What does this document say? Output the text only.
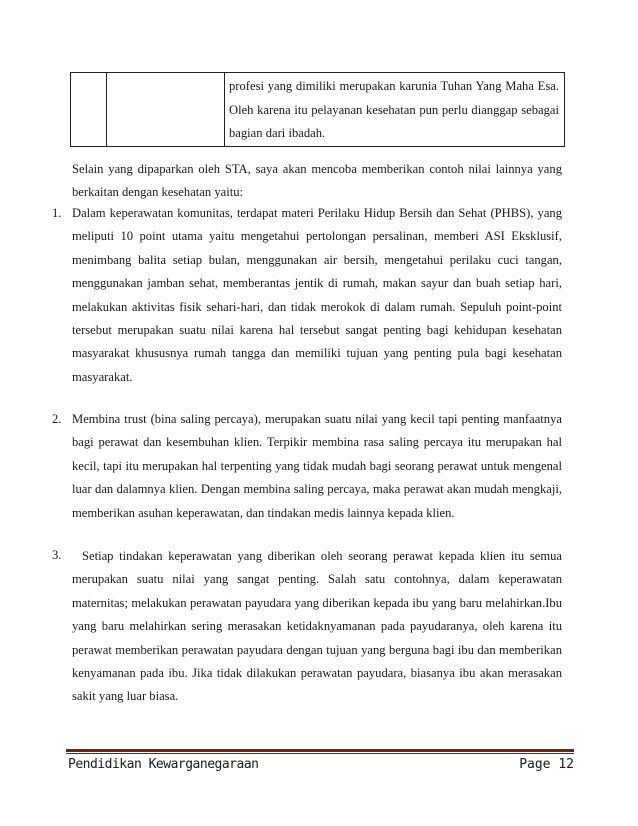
profesi yang dimiliki merupakan karunia Tuhan Yang Maha Esa. Oleh karena itu pelayanan kesehatan pun perlu dianggap sebagai bagian dari ibadah.

Selain yang dipaparkan oleh STA, saya akan mencoba memberikan contoh nilai lainnya yang berkaitan dengan kesehatan yaitu:

1. Dalam keperawatan komunitas, terdapat materi Perilaku Hidup Bersih dan Sehat (PHBS), yang meliputi 10 point utama yaitu mengetahui pertolongan persalinan, memberi ASI Eksklusif, menimbang balita setiap bulan, menggunakan air bersih, mengetahui perilaku cuci tangan, menggunakan jamban sehat, memberantas jentik di rumah, makan sayur dan buah setiap hari, melakukan aktivitas fisik sehari-hari, dan tidak merokok di dalam rumah. Sepuluh point-point tersebut merupakan suatu nilai karena hal tersebut sangat penting bagi kehidupan kesehatan masyarakat khususnya rumah tangga dan memiliki tujuan yang penting pula bagi kesehatan masyarakat.

2. Membina trust (bina saling percaya), merupakan suatu nilai yang kecil tapi penting manfaatnya bagi perawat dan kesembuhan klien. Terpikir membina rasa saling percaya itu merupakan hal kecil, tapi itu merupakan hal terpenting yang tidak mudah bagi seorang perawat untuk mengenal luar dan dalamnya klien. Dengan membina saling percaya, maka perawat akan mudah mengkaji, memberikan asuhan keperawatan, dan tindakan medis lainnya kepada klien.

3.	Setiap tindakan keperawatan yang diberikan oleh seorang perawat kepada klien itu semua merupakan suatu nilai yang sangat penting. Salah satu contohnya, dalam keperawatan maternitas; melakukan perawatan payudara yang diberikan kepada ibu yang baru melahirkan.Ibu yang baru melahirkan sering merasakan ketidaknyamanan pada payudaranya, oleh karena itu perawat memberikan perawatan payudara dengan tujuan yang berguna bagi ibu dan memberikan kenyamanan pada ibu. Jika tidak dilakukan perawatan payudara, biasanya ibu akan merasakan sakit yang luar biasa.

Pendidikan Kewarganegaraan	Page 12
